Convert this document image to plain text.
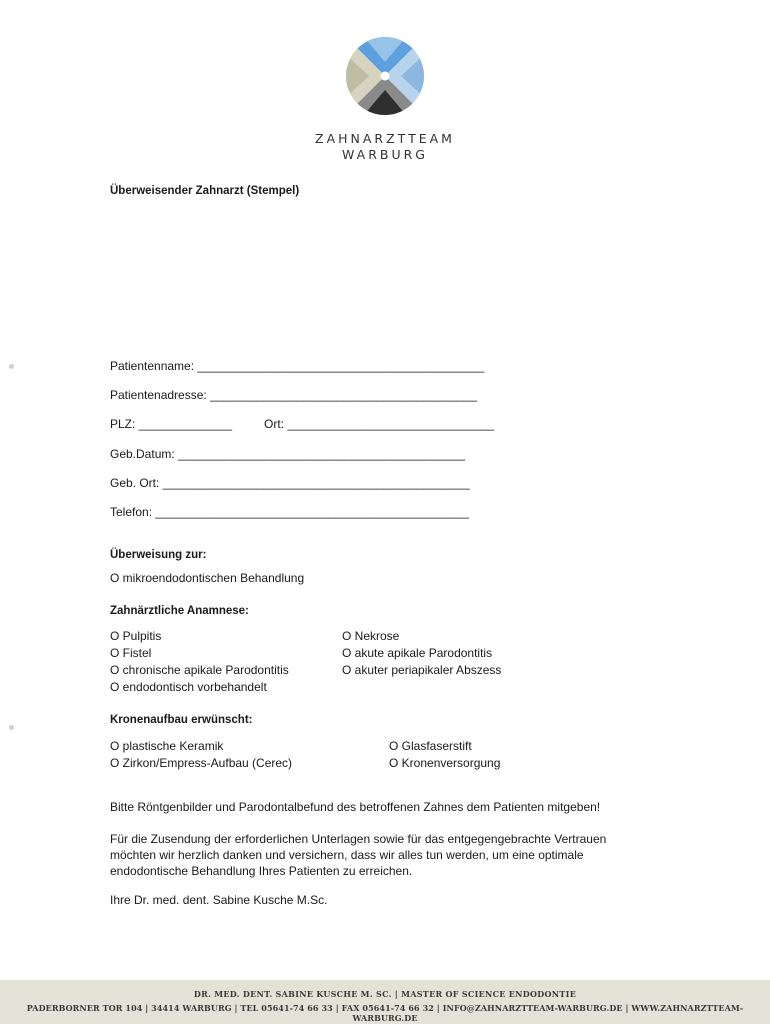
ZAHNARZTTEAM
WARBURG
Überweisender Zahnarzt (Stempel)
Patientenname: ___________________________________________
Patientenadresse: ________________________________________
PLZ: ______________	Ort: _______________________________
Geb.Datum: ___________________________________________
Geb. Ort: ______________________________________________
Telefon: _______________________________________________
Überweisung zur:
O mikroendodontischen Behandlung
Zahnärztliche Anamnese:
O Pulpitis
O Fistel
O chronische apikale Parodontitis
O endodontisch vorbehandelt
O Nekrose
O akute apikale Parodontitis
O akuter periapikaler Abszess
Kronenaufbau erwünscht:
O plastische Keramik
O Zirkon/Empress-Aufbau (Cerec)
O Glasfaserstift
O Kronenversorgung
Bitte Röntgenbilder und Parodontalbefund des betroffenen Zahnes dem Patienten mitgeben!
Für die Zusendung der erforderlichen Unterlagen sowie für das entgegengebrachte Vertrauen
möchten wir herzlich danken und versichern, dass wir alles tun werden, um eine optimale
endodontische Behandlung Ihres Patienten zu erreichen.
Ihre Dr. med. dent. Sabine Kusche M.Sc.
DR. MED. DENT. SABINE KUSCHE M. SC. | MASTER OF SCIENCE ENDODONTIE
PADERBORNER TOR 104 | 34414 WARBURG | TEL 05641-74 66 33 | FAX 05641-74 66 32 | INFO@ZAHNARZTTEAM-WARBURG.DE | WWW.ZAHNARZTTEAM-WARBURG.DE
